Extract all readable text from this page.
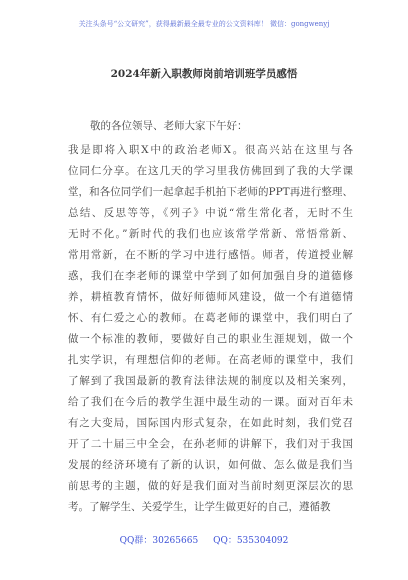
关注头条号“公文研究”，获得最新最全最专业的公文资料库！ 微信：gongwenyj
2024年新入职教师岗前培训班学员感悟
敬的各位领导、老师大家下午好：
我是即将入职X中的政治老师X。很高兴站在这里与各
位同仁分享。在这几天的学习里我仿佛回到了我的大学课
堂，和各位同学们一起拿起手机拍下老师的PPT再进行整理、
总结、反思等等，《列子》中说“常生常化者，无时不生
无时不化。”新时代的我们也应该常学常新、常悟常新、
常用常新，在不断的学习中进行感悟。师者，传道授业解
惑，我们在李老师的课堂中学到了如何加强自身的道德修
养，耕植教育情怀，做好师德师风建设，做一个有道德情
怀、有仁爱之心的教师。在葛老师的课堂中，我们明白了
做一个标准的教师，要做好自己的职业生涯规划，做一个
扎实学识，有理想信仰的老师。在高老师的课堂中，我们
了解到了我国最新的教育法律法规的制度以及相关案列，
给了我们在今后的教学生涯中最生动的一课。面对百年未
有之大变局，国际国内形式复杂，在如此时刻，我们党召
开了二十届三中全会，在孙老师的讲解下，我们对于我国
发展的经济环境有了新的认识，如何做、怎么做是我们当
前思考的主题，做的好是我们面对当前时刻更深层次的思
考。了解学生、关爱学生，让学生做更好的自己，遵循教
QQ群：30265665 QQ：535304092
